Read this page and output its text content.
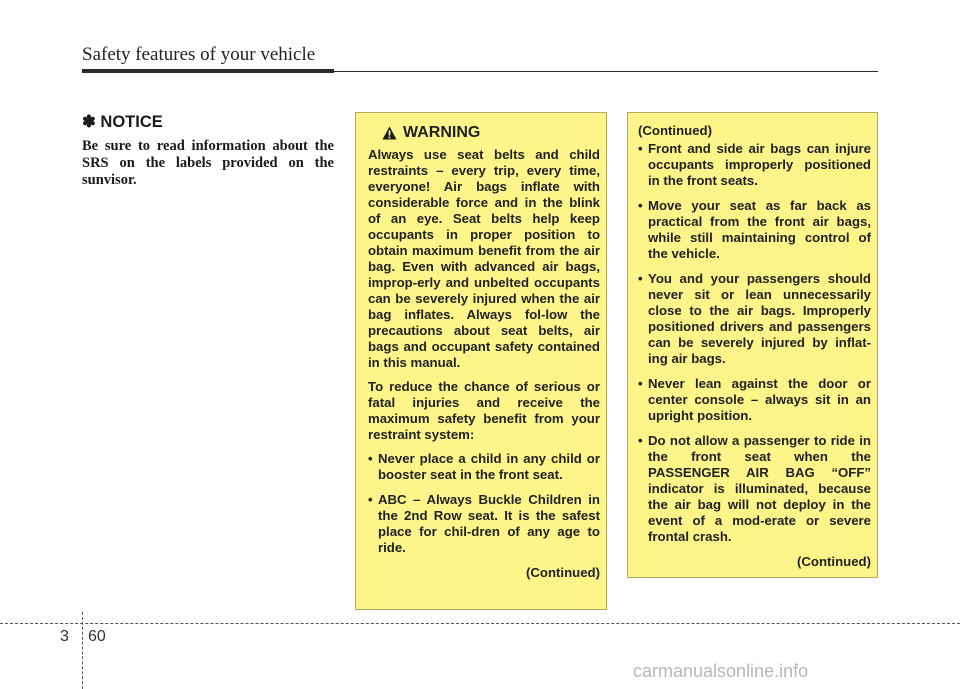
Safety features of your vehicle
✽ NOTICE

Be sure to read information about the SRS on the labels provided on the sunvisor.

WARNING

Always use seat belts and child restraints – every trip, every time, everyone! Air bags inflate with considerable force and in the blink of an eye. Seat belts help keep occupants in proper position to obtain maximum benefit from the air bag. Even with advanced air bags, improp-erly and unbelted occupants can be severely injured when the air bag inflates. Always fol-low the precautions about seat belts, air bags and occupant safety contained in this manual.

To reduce the chance of serious or fatal injuries and receive the maximum safety benefit from your restraint system:

• Never place a child in any child or booster seat in the front seat.
• ABC – Always Buckle Children in the 2nd Row seat. It is the safest place for chil-dren of any age to ride.
(Continued)
(Continued)
• Front and side air bags can injure occupants improperly positioned in the front seats.
• Move your seat as far back as practical from the front air bags, while still maintaining control of the vehicle.
• You and your passengers should never sit or lean unnecessarily close to the air bags. Improperly positioned drivers and passengers can be severely injured by inflat-ing air bags.
• Never lean against the door or center console – always sit in an upright position.
• Do not allow a passenger to ride in the front seat when the PASSENGER AIR BAG “OFF” indicator is illuminated, because the air bag will not deploy in the event of a mod-erate or severe frontal crash.
(Continued)
3 60
carmanualsonline.info
